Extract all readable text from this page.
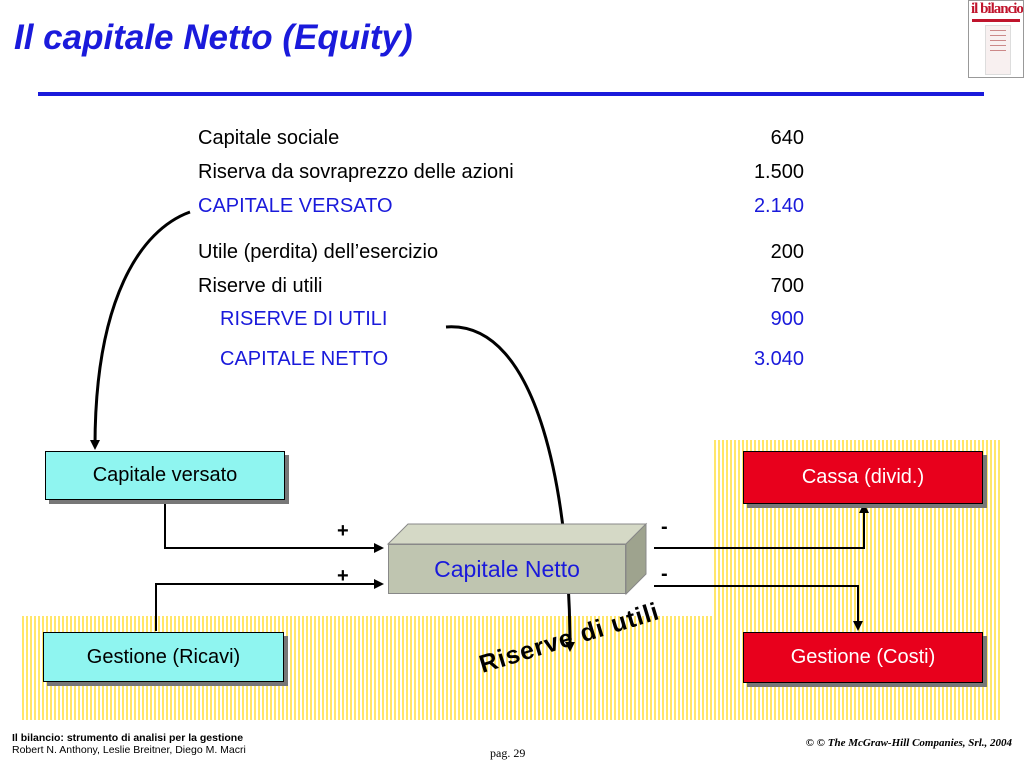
Il capitale Netto (Equity)
il bilancio
Capitale sociale	640
Riserva da sovraprezzo delle azioni	1.500
CAPITALE VERSATO	2.140
Utile (perdita) dell’esercizio	200
Riserve di utili	700
RISERVE DI UTILI	900
CAPITALE NETTO	3.040
Capitale versato
Gestione (Ricavi)
Cassa (divid.)
Gestione (Costi)
Capitale Netto
+
+
-
-
Riserve di utili
Il bilancio: strumento di analisi per la gestione
Robert N. Anthony, Leslie Breitner, Diego M. Macri	pag. 29
© © The McGraw-Hill Companies, Srl., 2004
